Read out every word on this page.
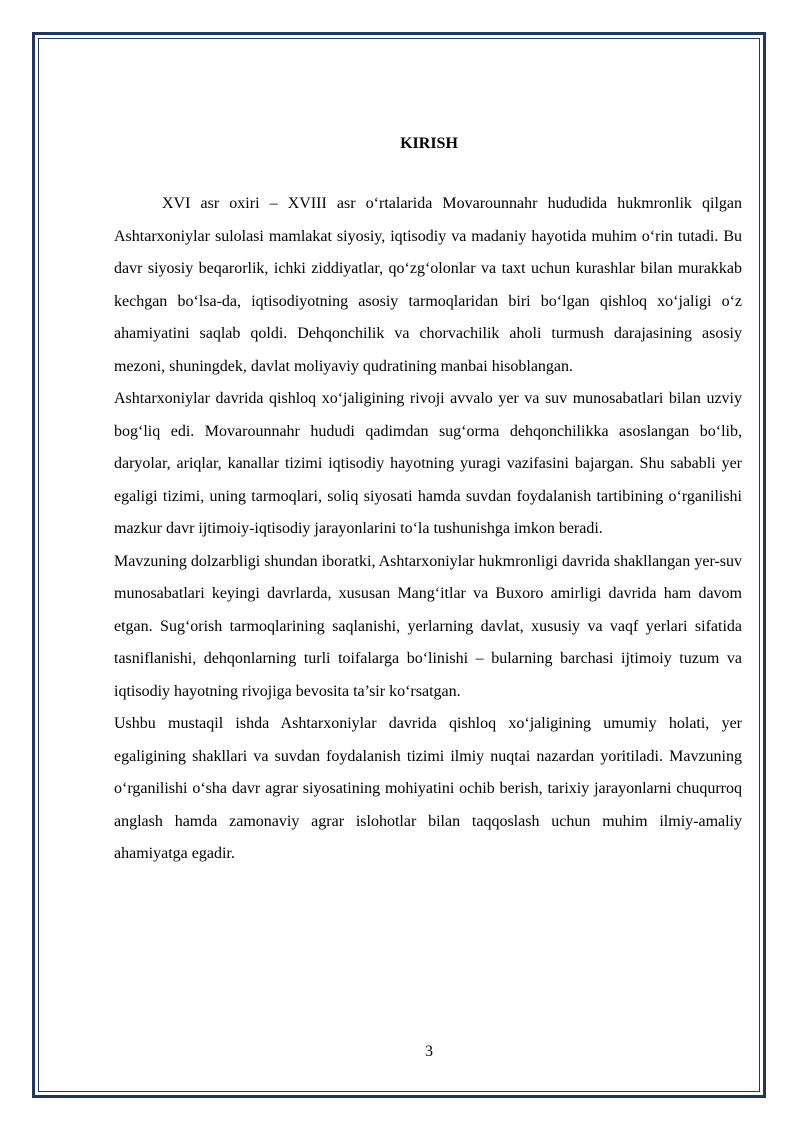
KIRISH

XVI asr oxiri – XVIII asr o‘rtalarida Movarounnahr hududida hukmronlik qilgan Ashtarxoniylar sulolasi mamlakat siyosiy, iqtisodiy va madaniy hayotida muhim o‘rin tutadi. Bu davr siyosiy beqarorlik, ichki ziddiyatlar, qo‘zg‘olonlar va taxt uchun kurashlar bilan murakkab kechgan bo‘lsa-da, iqtisodiyotning asosiy tarmoqlaridan biri bo‘lgan qishloq xo‘jaligi o‘z ahamiyatini saqlab qoldi. Dehqonchilik va chorvachilik aholi turmush darajasining asosiy mezoni, shuningdek, davlat moliyaviy qudratining manbai hisoblangan.

Ashtarxoniylar davrida qishloq xo‘jaligining rivoji avvalo yer va suv munosabatlari bilan uzviy bog‘liq edi. Movarounnahr hududi qadimdan sug‘orma dehqonchilikka asoslangan bo‘lib, daryolar, ariqlar, kanallar tizimi iqtisodiy hayotning yuragi vazifasini bajargan. Shu sababli yer egaligi tizimi, uning tarmoqlari, soliq siyosati hamda suvdan foydalanish tartibining o‘rganilishi mazkur davr ijtimoiy-iqtisodiy jarayonlarini to‘la tushunishga imkon beradi.

Mavzuning dolzarbligi shundan iboratki, Ashtarxoniylar hukmronligi davrida shakllangan yer-suv munosabatlari keyingi davrlarda, xususan Mang‘itlar va Buxoro amirligi davrida ham davom etgan. Sug‘orish tarmoqlarining saqlanishi, yerlarning davlat, xususiy va vaqf yerlari sifatida tasniflanishi, dehqonlarning turli toifalarga bo‘linishi – bularning barchasi ijtimoiy tuzum va iqtisodiy hayotning rivojiga bevosita ta’sir ko‘rsatgan.

Ushbu mustaqil ishda Ashtarxoniylar davrida qishloq xo‘jaligining umumiy holati, yer egaligining shakllari va suvdan foydalanish tizimi ilmiy nuqtai nazardan yoritiladi. Mavzuning o‘rganilishi o‘sha davr agrar siyosatining mohiyatini ochib berish, tarixiy jarayonlarni chuqurroq anglash hamda zamonaviy agrar islohotlar bilan taqqoslash uchun muhim ilmiy-amaliy ahamiyatga egadir.

3
